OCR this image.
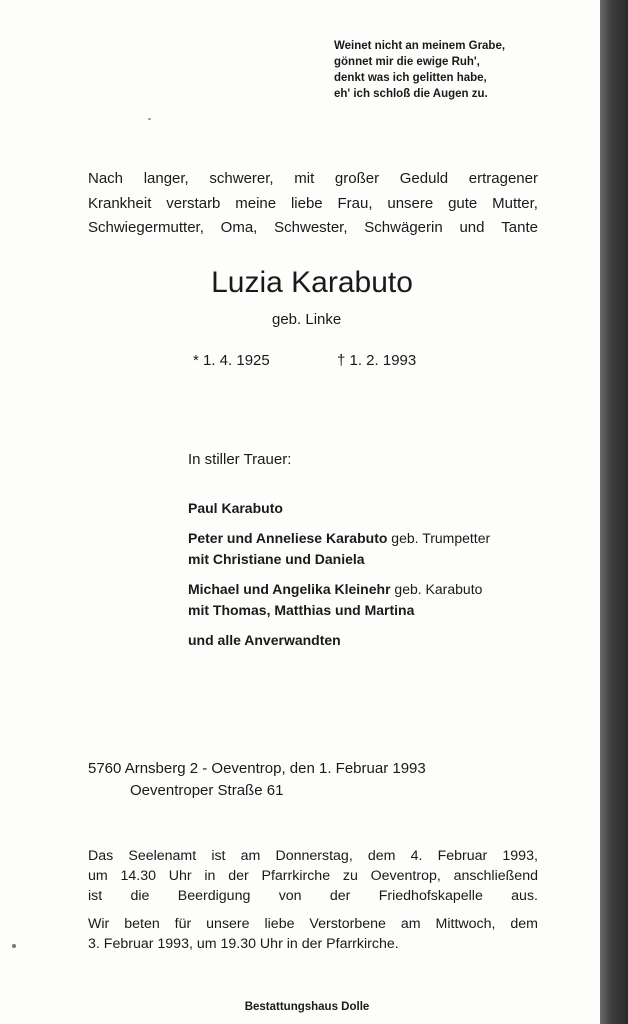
Weinet nicht an meinem Grabe,
gönnet mir die ewige Ruh',
denkt was ich gelitten habe,
eh' ich schloß die Augen zu.
Nach langer, schwerer, mit großer Geduld ertragener
Krankheit verstarb meine liebe Frau, unsere gute Mutter,
Schwiegermutter, Oma, Schwester, Schwägerin und Tante
Luzia Karabuto
geb. Linke
* 1. 4. 1925	† 1. 2. 1993
In stiller Trauer:
Paul Karabuto
Peter und Anneliese Karabuto geb. Trumpetter
mit Christiane und Daniela
Michael und Angelika Kleinehr geb. Karabuto
mit Thomas, Matthias und Martina
und alle Anverwandten
5760 Arnsberg 2 - Oeventrop, den 1. Februar 1993
Oeventroper Straße 61

Das Seelenamt ist am Donnerstag, dem 4. Februar 1993,
um 14.30 Uhr in der Pfarrkirche zu Oeventrop, anschließend
ist die Beerdigung von der Friedhofskapelle aus.

Wir beten für unsere liebe Verstorbene am Mittwoch, dem
3. Februar 1993, um 19.30 Uhr in der Pfarrkirche.

Bestattungshaus Dolle
